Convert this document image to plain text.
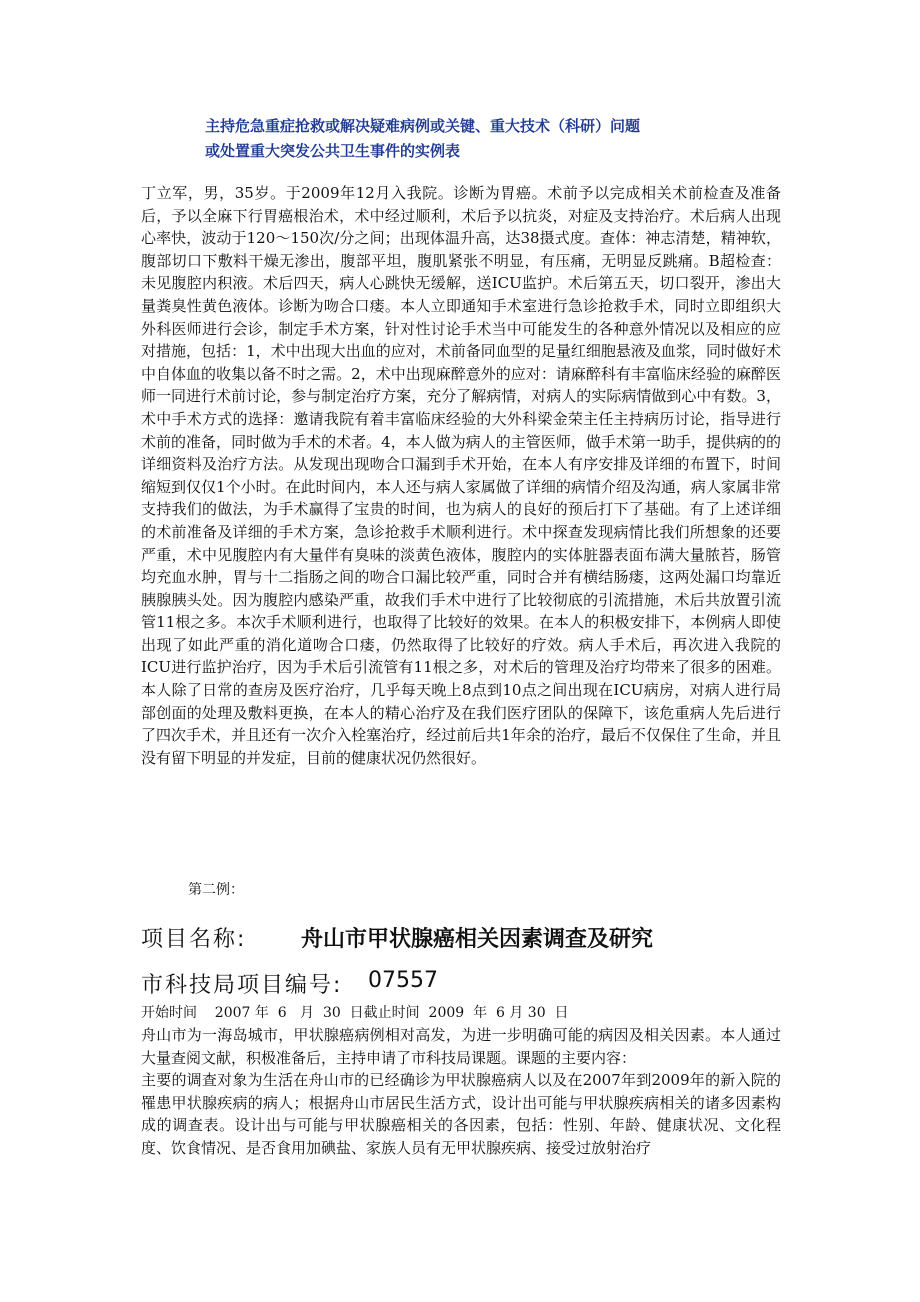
主持危急重症抢救或解决疑难病例或关键、重大技术（科研）问题
或处置重大突发公共卫生事件的实例表
丁立军，男，35岁。于2009年12月入我院。诊断为胃癌。术前予以完成相关术前检查及准备后，予以全麻下行胃癌根治术，术中经过顺利，术后予以抗炎，对症及支持治疗。术后病人出现心率快，波动于120～150次/分之间；出现体温升高，达38摄式度。查体：神志清楚，精神软，腹部切口下敷料干燥无渗出，腹部平坦，腹肌紧张不明显，有压痛，无明显反跳痛。B超检查：未见腹腔内积液。术后四天，病人心跳快无缓解，送ICU监护。术后第五天，切口裂开，渗出大量粪臭性黄色液体。诊断为吻合口瘘。本人立即通知手术室进行急诊抢救手术，同时立即组织大外科医师进行会诊，制定手术方案，针对性讨论手术当中可能发生的各种意外情况以及相应的应对措施，包括：1，术中出现大出血的应对，术前备同血型的足量红细胞悬液及血浆，同时做好术中自体血的收集以备不时之需。2，术中出现麻醉意外的应对：请麻醉科有丰富临床经验的麻醉医师一同进行术前讨论，参与制定治疗方案，充分了解病情，对病人的实际病情做到心中有数。3，术中手术方式的选择：邀请我院有着丰富临床经验的大外科梁金荣主任主持病历讨论，指导进行术前的准备，同时做为手术的术者。4，本人做为病人的主管医师，做手术第一助手，提供病的的详细资料及治疗方法。从发现出现吻合口漏到手术开始，在本人有序安排及详细的布置下，时间缩短到仅仅1个小时。在此时间内，本人还与病人家属做了详细的病情介绍及沟通，病人家属非常支持我们的做法，为手术赢得了宝贵的时间，也为病人的良好的预后打下了基础。有了上述详细的术前准备及详细的手术方案，急诊抢救手术顺利进行。术中探查发现病情比我们所想象的还要严重，术中见腹腔内有大量伴有臭味的淡黄色液体，腹腔内的实体脏器表面布满大量脓苔，肠管均充血水肿，胃与十二指肠之间的吻合口漏比较严重，同时合并有横结肠瘘，这两处漏口均靠近胰腺胰头处。因为腹腔内感染严重，故我们手术中进行了比较彻底的引流措施，术后共放置引流管11根之多。本次手术顺利进行，也取得了比较好的效果。在本人的积极安排下，本例病人即使出现了如此严重的消化道吻合口瘘，仍然取得了比较好的疗效。病人手术后，再次进入我院的ICU进行监护治疗，因为手术后引流管有11根之多，对术后的管理及治疗均带来了很多的困难。本人除了日常的查房及医疗治疗，几乎每天晚上8点到10点之间出现在ICU病房，对病人进行局部创面的处理及敷料更换，在本人的精心治疗及在我们医疗团队的保障下，该危重病人先后进行了四次手术，并且还有一次介入栓塞治疗，经过前后共1年余的治疗，最后不仅保住了生命，并且没有留下明显的并发症，目前的健康状况仍然很好。
第二例：
项目名称: 舟山市甲状腺癌相关因素调查及研究
市科技局项目编号: 07557
开始时间    2007 年  6   月  30  日截止时间  2009  年  6 月 30  日
舟山市为一海岛城市，甲状腺癌病例相对高发，为进一步明确可能的病因及相关因素。本人通过大量查阅文献，积极准备后，主持申请了市科技局课题。课题的主要内容：
主要的调查对象为生活在舟山市的已经确诊为甲状腺癌病人以及在2007年到2009年的新入院的罹患甲状腺疾病的病人；根据舟山市居民生活方式，设计出可能与甲状腺疾病相关的诸多因素构成的调查表。设计出与可能与甲状腺癌相关的各因素，包括：性别、年龄、健康状况、文化程度、饮食情况、是否食用加碘盐、家族人员有无甲状腺疾病、接受过放射治疗
